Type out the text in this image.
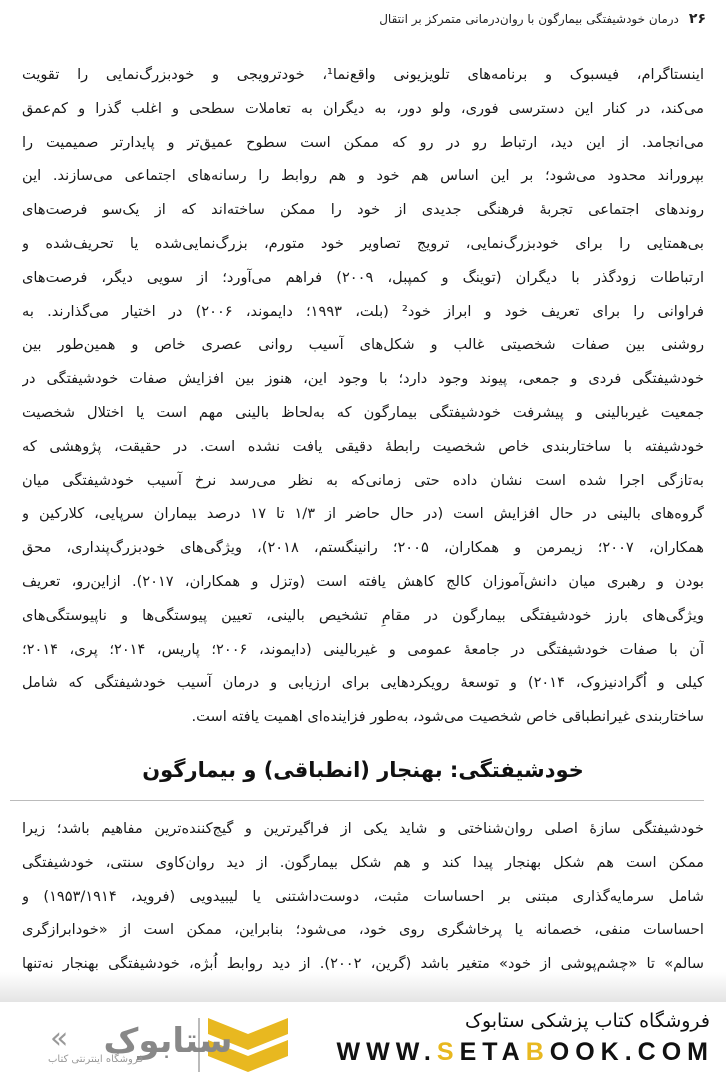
۲۶
درمان خودشیفتگی بیمارگون با روان‌درمانی متمرکز بر انتقال
اینستاگرام، فیسبوک و برنامه‌های تلویزیونی واقع‌نما¹، خودترویجی و خودبزرگ‌نمایی را تقویت
می‌کند، در کنار این دسترسی فوری، ولو دور، به دیگران به تعاملات سطحی و اغلب گذرا و کم‌عمق
می‌انجامد. از این دید، ارتباط رو در رو که ممکن است سطوح عمیق‌تر و پایدارتر صمیمیت را
بپروراند محدود می‌شود؛ بر این اساس هم خود و هم روابط را رسانه‌های اجتماعی می‌سازند. این
روندهای اجتماعی تجربهٔ فرهنگی جدیدی از خود را ممکن ساخته‌اند که از یک‌سو فرصت‌های
بی‌همتایی را برای خودبزرگ‌نمایی، ترویج تصاویر خود متورم، بزرگ‌نمایی‌شده یا تحریف‌شده و
ارتباطات زودگذر با دیگران (توینگ و کمپبل، ۲۰۰۹) فراهم می‌آورد؛ از سویی دیگر، فرصت‌های
فراوانی را برای تعریف خود و ابراز خود² (بلت، ۱۹۹۳؛ دایموند، ۲۰۰۶) در اختیار می‌گذارند. به
روشنی بین صفات شخصیتی غالب و شکل‌های آسیب روانی عصری خاص و همین‌طور بین
خودشیفتگی فردی و جمعی، پیوند وجود دارد؛ با وجود این، هنوز بین افزایش صفات خودشیفتگی در
جمعیت غیربالینی و پیشرفت خودشیفتگی بیمارگون که به‌لحاظ بالینی مهم است یا اختلال شخصیت
خودشیفته با ساختاربندی خاص شخصیت رابطهٔ دقیقی یافت نشده است. در حقیقت، پژوهشی که
به‌تازگی اجرا شده است نشان داده حتی زمانی‌که به نظر می‌رسد نرخ آسیب خودشیفتگی میان
گروه‌های بالینی در حال افزایش است (در حال حاضر از ۱/۳ تا ۱۷ درصد بیماران سرپایی، کلارکین و
همکاران، ۲۰۰۷؛ زیمرمن و همکاران، ۲۰۰۵؛ رانینگستم، ۲۰۱۸)، ویژگی‌های خودبزرگ‌پنداری، محق
بودن و رهبری میان دانش‌آموزان کالج کاهش یافته است (وتزل و همکاران، ۲۰۱۷). ازاین‌رو، تعریف
ویژگی‌های بارز خودشیفتگی بیمارگون در مقامِ تشخیص بالینی، تعیین پیوستگی‌ها و ناپیوستگی‌های
آن با صفات خودشیفتگی در جامعهٔ عمومی و غیربالینی (دایموند، ۲۰۰۶؛ پاریس، ۲۰۱۴؛ پری، ۲۰۱۴؛
کیلی و اُگرادنیزوک، ۲۰۱۴) و توسعهٔ رویکردهایی برای ارزیابی و درمان آسیب خودشیفتگی که شامل
ساختاربندی غیرانطباقی خاص شخصیت می‌شود، به‌طور فزاینده‌ای اهمیت یافته است.
خودشیفتگی: بهنجار (انطباقی) و بیمارگون
خودشیفتگی سازهٔ اصلی روان‌شناختی و شاید یکی از فراگیرترین و گیج‌کننده‌ترین مفاهیم باشد؛ زیرا
ممکن است هم شکل بهنجار پیدا کند و هم شکل بیمارگون. از دید روان‌کاوی سنتی، خودشیفتگی
شامل سرمایه‌گذاری مبتنی بر احساسات مثبت، دوست‌داشتنی یا لیبیدویی (فروید، ۱۹۵۳/۱۹۱۴) و
احساسات منفی، خصمانه یا پرخاشگری روی خود، می‌شود؛ بنابراین، ممکن است از «خودابرازگری
سالم» تا «چشم‌پوشی از خود» متغیر باشد (گرین، ۲۰۰۲). از دید روابط اُبژه، خودشیفتگی بهنجار نه‌تنها
ستابوک
«
فروشگاه اینترنتی کتاب
فروشگاه کتاب پزشکی ستابوک
WWW.SETABOOK.COM
